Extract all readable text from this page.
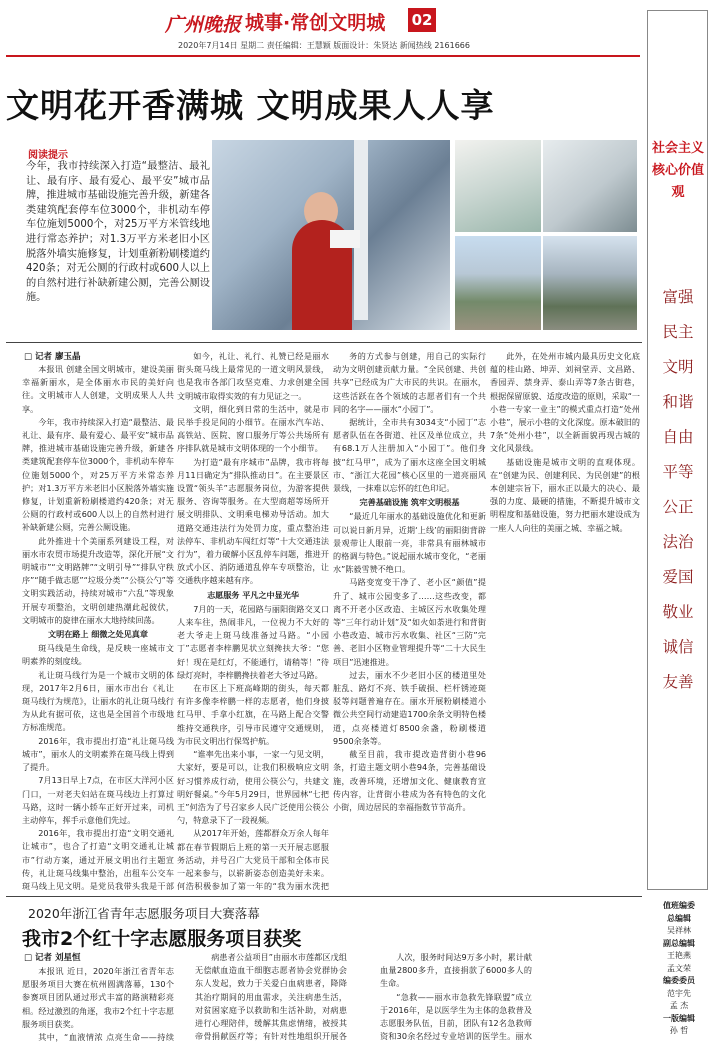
广州晚报 城事·常创文明城 02
2020年7月14日 星期二 责任编辑：王慧颖 版面设计：朱贤达 新闻热线 2161666
文明花开香满城 文明成果人人享
阅读提示
今年，我市持续深入打造“最整洁、最礼让、最有序、最有爱心、最平安”城市品牌，推进城市基础设施完善升级，新建各类建筑配套停车位3000个，非机动车停车位施划5000个，对25万平方米管线地进行常态养护；对1.3万平方米老旧小区脱落外墙实施修复，计划重新粉刷楼道约420条；对无公厕的行政村或600人以上的自然村进行补缺新建公厕，完善公厕设施。
□ 记者 廖玉晶

本报讯 创建全国文明城市，建设美丽幸福新丽水，是全体丽水市民的美好向往。文明城市人人创建，文明成果人人共享。

今年，我市持续深入打造“最整洁、最礼让、最有序、最有爱心、最平安”城市品牌，推进城市基础设施完善升级，新建各类建筑配套停车位3000个，非机动车停车位施划5000个，对25万平方米常态养护；对1.3万平方米老旧小区脱落外墙实施修复，计划重新粉刷楼道约420条；对无公厕的行政村或600人以上的自然村进行补缺新建公厕，完善公厕设施。

此外推进十个美丽系列建设工程，对丽水市农贸市场提升改造等，深化开展“文明城市”“文明路牌”“文明引导”“排队守秩序”“随手做志愿”“垃圾分类”“公筷公勺”等文明实践活动，持续对城市“六乱”等现象开展专项整治，文明创建热潮此起彼伏，文明城市的旋律在丽水大地持续回荡。

文明在路上 细微之处见真章

斑马线是生命线，是反映一座城市文明素养的刻度线。

礼让斑马线行为是一个城市文明的体现，2017年2月6日，丽水市出台《礼让斑马线行为规范》，让丽水的礼让斑马线行为从此有据可依，这也是全国首个市级地方标准规范。

2016年，我市提出打造“礼让斑马线城市”，丽水人的文明素养在斑马线上得到了提升。

7月13日早上7点，在市区大洋河小区门口，一对老夫妇站在斑马线边上打算过马路，这时一辆小轿车正好开过来，司机主动停车，挥手示意他们先过。

2016年，我市提出打造“文明交通礼让城市”，也合了打造“文明交通礼让城市”行动方案，通过开展文明出行主题宣传，礼让斑马线集中整治，出租车公交车斑马线上见文明。是党员我带头我是干部

如今，礼让、礼行、礼赞已经是丽水街头斑马线上最常见的一道文明风景线，也是我市各部门攻坚克难、力求创建全国文明城市取得实效的有力见证之一。

文明，细化到日常的生活中，就是市民举手投足间的小细节。在丽水汽车站、高铁站、医院、窗口服务厅等公共场所有序排队就是城市文明体现的一个小细节。

为打造“最有序城市”品牌，我市将每月11日确定为“排队推动日”。在主要景区设置“领头羊”志愿服务岗位，为游客提供服务、咨询等服务。在大型商超等场所开展文明排队、文明乘电梯劝导活动。加大道路交通违法行为处罚力度，重点整治违法停车、非机动车闯红灯等“十大交通违法行为”，着力破解小区乱停车问题，推进开放式小区、消防通道乱停车专项整治，让交通秩序越来越有序。

志愿服务 平凡之中显光华

7月的一天，花园路与丽阳街路交叉口人来车往，热闹非凡，一位视力不大好的老大爷走上斑马线准备过马路。“小园丁”志愿者李梓鹏见状立刻搀扶大爷：“您好！现在是红灯，不能通行，请稍等！”待绿灯亮时，李梓鹏搀扶着老大爷过马路。

在市区上下班高峰期的街头，每天都有许多像李梓鹏一样的志愿者，他们身披红马甲、手拿小红旗，在马路上配合交警维持交通秩序，引导市民遵守交通规则，为市民文明出行保驾护航。

“谁率先出来小事，一家一勺见文明，大家好，要是可以，让我们积极响应文明好习惯养成行动，使用公筷公勺，共建文明好餐桌。”今年5月29日，世界园林“七把王”何浩为了号召家乡人民广泛使用公筷公勺，特意录下了一段视频。

从2017年开始，莲都群众万余人每年都在春节假期后上班的第一天开展志愿服务活动，并号召广大党员干部和全体市民一起来参与，以崭新姿态创造美好未来。何浩积极参加了第一年的“我为丽水洗把

务的方式参与创建，用自己的实际行动为文明创建贡献力量。“全民创建、共创共享”已经成为广大市民的共识。在丽水，这些活跃在各个领域的志愿者们有一个共同的名字——丽水“小园丁”。

据统计，全市共有3034支“小园丁”志愿者队伍在各街道、社区及单位成立，共有68.1万人注册加入“小园丁”。他们身披“红马甲”，成为了丽水这座全国文明城市、“浙江大花园”核心区里的一道亮丽风景线，一抹难以忘怀的红色印记。

完善基础设施 筑牢文明根基

“最近几年丽水的基础设施优化和更新可以说日新月异，近期‘上线’的丽阳街背辟景观带让人眼前一亮，非常具有丽林城市的格调与特色。”说起丽水城市变化，“老丽水”陈毅雪赞不绝口。

马路变宽变干净了、老小区“颜值”提升了、城市公园变多了……这些改变，都离不开老小区改造、主城区污水收集处理等“三年行动计划”及“如火如荼进行和背街小巷改造、城市污水收集、社区“三防”完善、老旧小区物业管理提升等“二十大民生项目”迅速推进。

过去，丽水不少老旧小区的楼道里处脏乱、路灯不亮、铁手破损、栏杆锈迹斑驳等问题普遍存在。丽水开展粉刷楼道小微公共空间行动建造1700余条文明特色楼道，点亮楼道灯8500余盏，粉刷楼道9500余条等。

截至目前，我市提改造背街小巷96条，打造主题文明小巷94条，完善基础设施，改善环境，还增加文化、健康教育宣传内容，让背街小巷成为各有特色的文化小街，周边居民的幸福指数节节高升。

此外，在处州市城内最具历史文化底蕴的桂山路、坤弄、刘祠堂弄、文昌路、香园弄、禁身弄、泰山弄等7条古街巷，根据保留原貌、适度改造的原则，采取“一小巷一专家一业主”的模式重点打造“处州小巷”，展示小巷的文化深度。原本破旧的7条“处州小巷”，以全新面貌再现古城的文化风景线。

基础设施是城市文明的直观体现。在“创建为民、创建利民、为民创建”的根本创建宗旨下，丽水正以最大的决心、最强的力度、最硬的措施，不断提升城市文明程度和基础设施，努力把丽水建设成为一座人人向往的美丽之城、幸福之城。

2020年浙江省青年志愿服务项目大赛落幕
我市2个红十字志愿服务项目获奖
□ 记者 刘星恒

本报讯 近日，2020年浙江省青年志愿服务项目大赛在杭州圆满落幕，130个参赛项目团队通过形式丰富的路演精彩亮相。经过激烈的角逐，我市2个红十字志愿服务项目获奖。

其中，“血液情浓 点亮生命——持续

病患者公益项目”由丽水市莲都区戊组无偿献血造血干细胞志愿者协会党群协会东人发起，致力于关爱白血病患者，降降其治疗期间的用血需求，关注病患生活，对贫困家庭予以救助和生活补助，对病患进行心理陪伴，缓解其焦虑情绪，被授其帝骨捐献医疗等；有针对性地组织开展各

人次，服务时间达9万多小时，累计献血量2800多升，直接捐款了6000多人的生命。

“急救——丽水市急救先锋联盟”成立于2016年，是以医学生为主体的急救普及志愿服务队伍，目前，团队有12名急救师资和30余名经过专业培训的医学生。丽水

社会主义核心价值观
富强
民主
文明
和谐
自由
平等
公正
法治
爱国
敬业
诚信
友善
值班编委
总编辑
吴祥林
副总编辑
王艳燕
孟文荣
编委委员
范宇先
孟 杰
一版编辑
孙 哲
